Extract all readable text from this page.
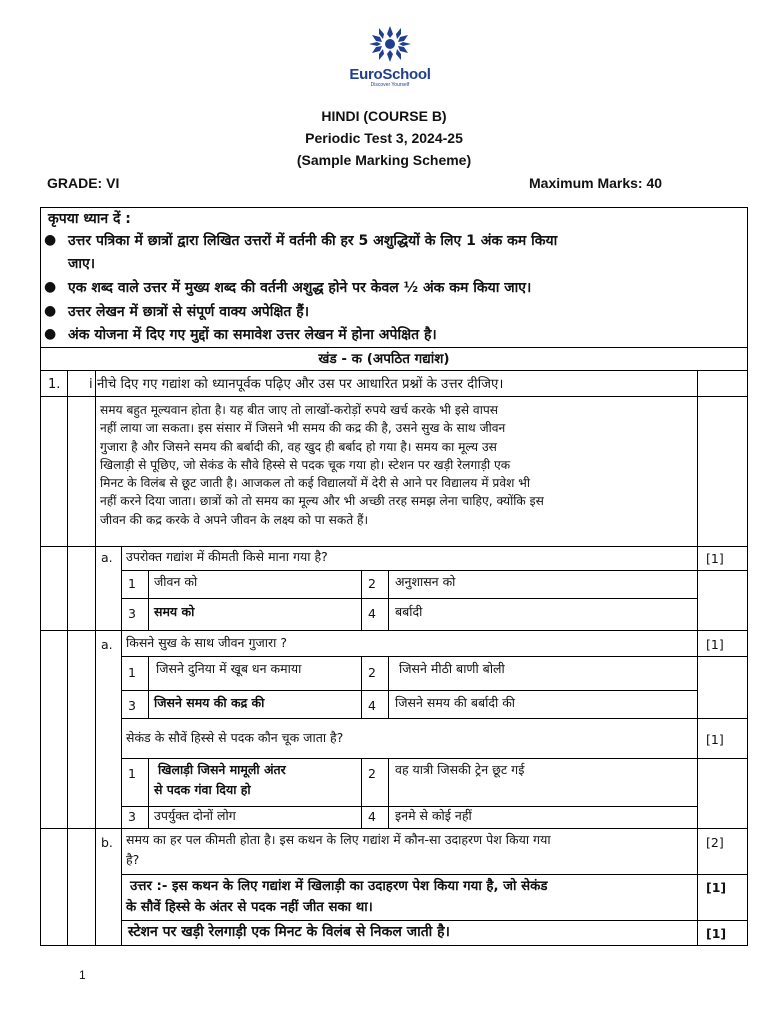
EuroSchool
Discover Yourself
HINDI (COURSE B)
Periodic Test 3, 2024-25
(Sample Marking Scheme)
GRADE: VI	Maximum Marks: 40
कृपया ध्यान दें :
● उत्तर पत्रिका में छात्रों द्वारा लिखित उत्तरों में वर्तनी की हर 5 अशुद्धियों के लिए 1 अंक कम किया
जाए।
● एक शब्द वाले उत्तर में मुख्य शब्द की वर्तनी अशुद्ध होने पर केवल ½ अंक कम किया जाए।
● उत्तर लेखन में छात्रों से संपूर्ण वाक्य अपेक्षित हैं।
● अंक योजना में दिए गए मुद्दों का समावेश उत्तर लेखन में होना अपेक्षित है।
खंड - क (अपठित गद्यांश)
1. i नीचे दिए गए गद्यांश को ध्यानपूर्वक पढ़िए और उस पर आधारित प्रश्नों के उत्तर दीजिए।
समय बहुत मूल्यवान होता है। यह बीत जाए तो लाखों-करोड़ों रुपये खर्च करके भी इसे वापस
नहीं लाया जा सकता। इस संसार में जिसने भी समय की कद्र की है, उसने सुख के साथ जीवन
गुजारा है और जिसने समय की बर्बादी की, वह खुद ही बर्बाद हो गया है। समय का मूल्य उस
खिलाड़ी से पूछिए, जो सेकंड के सौवे हिस्से से पदक चूक गया हो। स्टेशन पर खड़ी रेलगाड़ी एक
मिनट के विलंब से छूट जाती है। आजकल तो कई विद्यालयों में देरी से आने पर विद्यालय में प्रवेश भी
नहीं करने दिया जाता। छात्रों को तो समय का मूल्य और भी अच्छी तरह समझ लेना चाहिए, क्योंकि इस
जीवन की कद्र करके वे अपने जीवन के लक्ष्य को पा सकते हैं।
a. उपरोक्त गद्यांश में कीमती किसे माना गया है?	[1]
1 जीवन को	2 अनुशासन को
3 समय को	4 बर्बादी
a. किसने सुख के साथ जीवन गुजारा ?	[1]
1 जिसने दुनिया में खूब धन कमाया	2 जिसने मीठी बाणी बोली
3 जिसने समय की कद्र की	4 जिसने समय की बर्बादी की
सेकंड के सौवें हिस्से से पदक कौन चूक जाता है?	[1]
1 खिलाड़ी जिसने मामूली अंतर
से पदक गंवा दिया हो
2 वह यात्री जिसकी ट्रेन छूट गई
3 उपर्युक्त दोनों लोग	4 इनमे से कोई नहीं
b. समय का हर पल कीमती होता है। इस कथन के लिए गद्यांश में कौन-सा उदाहरण पेश किया गया
है?
[2]
उत्तर :- इस कथन के लिए गद्यांश में खिलाड़ी का उदाहरण पेश किया गया है, जो सेकंड
के सौवें हिस्से के अंतर से पदक नहीं जीत सका था।
[1]
स्टेशन पर खड़ी रेलगाड़ी एक मिनट के विलंब से निकल जाती है।	[1]
1
